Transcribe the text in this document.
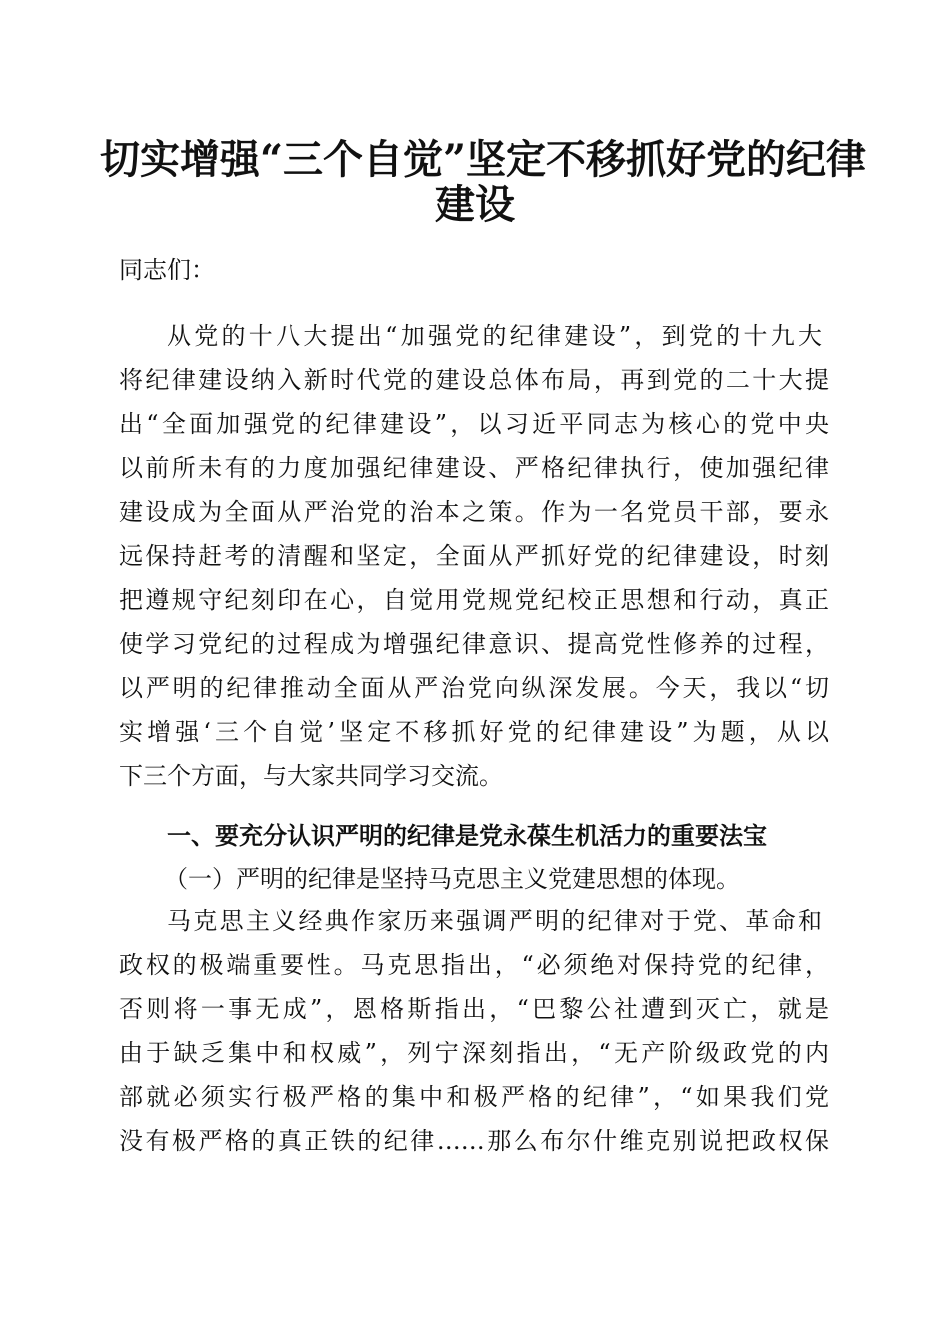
切实增强“三个自觉”坚定不移抓好党的纪律
建设
同志们：
从党的十八大提出“加强党的纪律建设”，到党的十九大
将纪律建设纳入新时代党的建设总体布局，再到党的二十大提
出“全面加强党的纪律建设”，以习近平同志为核心的党中央
以前所未有的力度加强纪律建设、严格纪律执行，使加强纪律
建设成为全面从严治党的治本之策。作为一名党员干部，要永
远保持赶考的清醒和坚定，全面从严抓好党的纪律建设，时刻
把遵规守纪刻印在心，自觉用党规党纪校正思想和行动，真正
使学习党纪的过程成为增强纪律意识、提高党性修养的过程，
以严明的纪律推动全面从严治党向纵深发展。今天，我以“切
实增强‘三个自觉’坚定不移抓好党的纪律建设”为题，从以
下三个方面，与大家共同学习交流。
一、要充分认识严明的纪律是党永葆生机活力的重要法宝
（一）严明的纪律是坚持马克思主义党建思想的体现。
马克思主义经典作家历来强调严明的纪律对于党、革命和
政权的极端重要性。马克思指出，“必须绝对保持党的纪律，
否则将一事无成”，恩格斯指出，“巴黎公社遭到灭亡，就是
由于缺乏集中和权威”，列宁深刻指出，“无产阶级政党的内
部就必须实行极严格的集中和极严格的纪律”，“如果我们党
没有极严格的真正铁的纪律……那么布尔什维克别说把政权保
